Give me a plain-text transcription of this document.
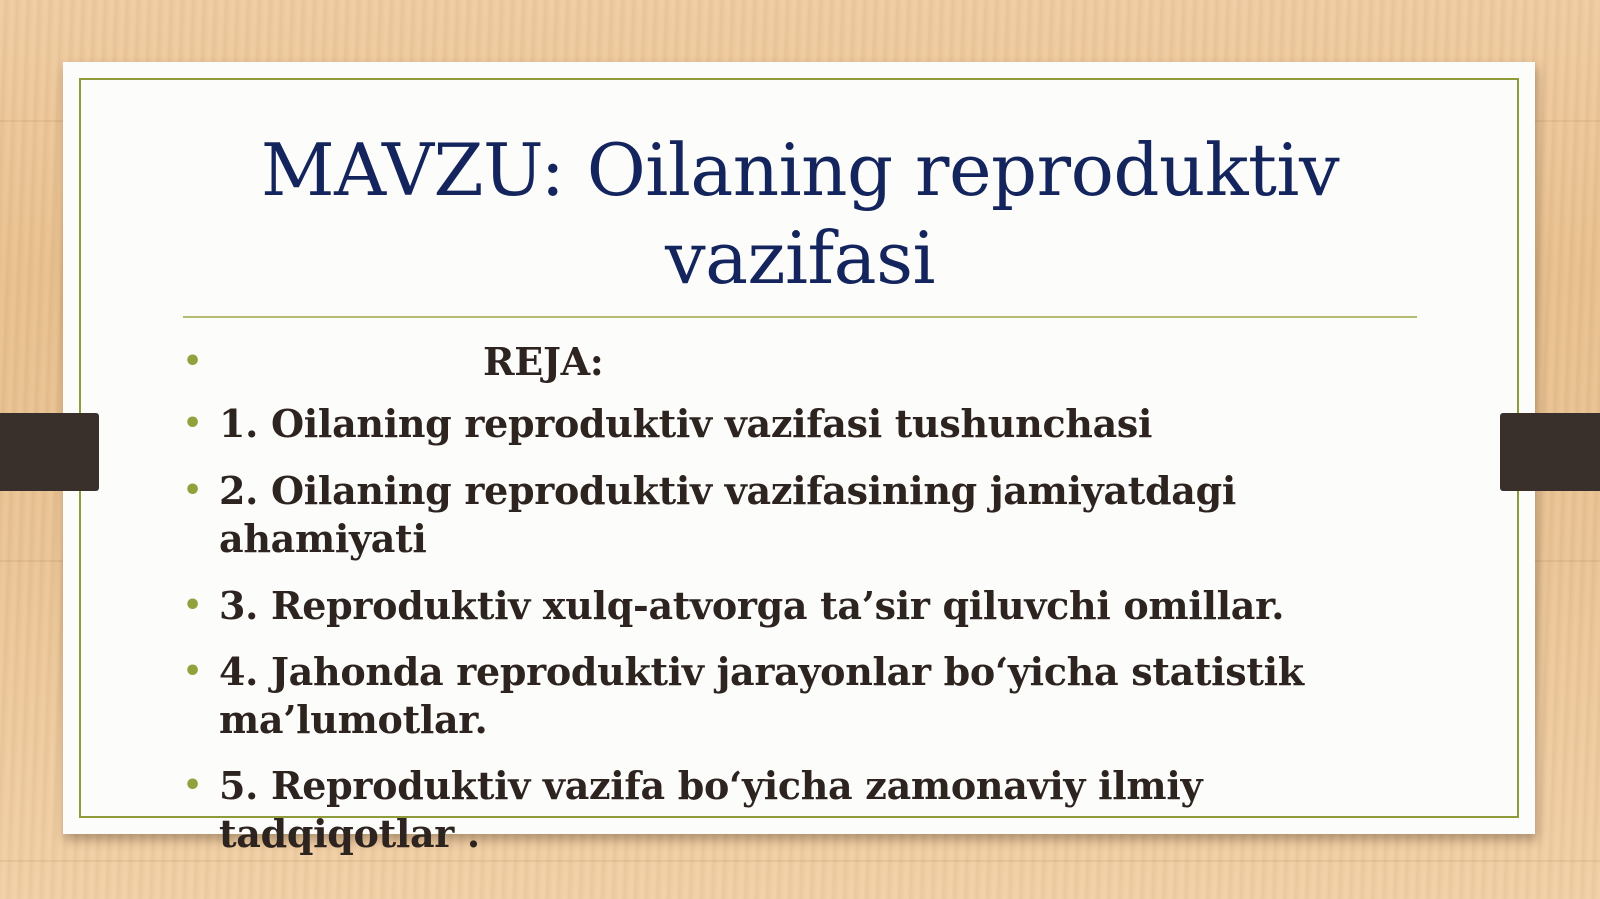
MAVZU: Oilaning reproduktiv vazifasi
•	REJA:
• 1. Oilaning reproduktiv vazifasi tushunchasi
• 2. Oilaning reproduktiv vazifasining jamiyatdagi ahamiyati
• 3. Reproduktiv xulq-atvorga ta’sir qiluvchi omillar.
• 4. Jahonda reproduktiv jarayonlar bo‘yicha statistik ma’lumotlar.
• 5. Reproduktiv vazifa bo‘yicha zamonaviy ilmiy tadqiqotlar .
